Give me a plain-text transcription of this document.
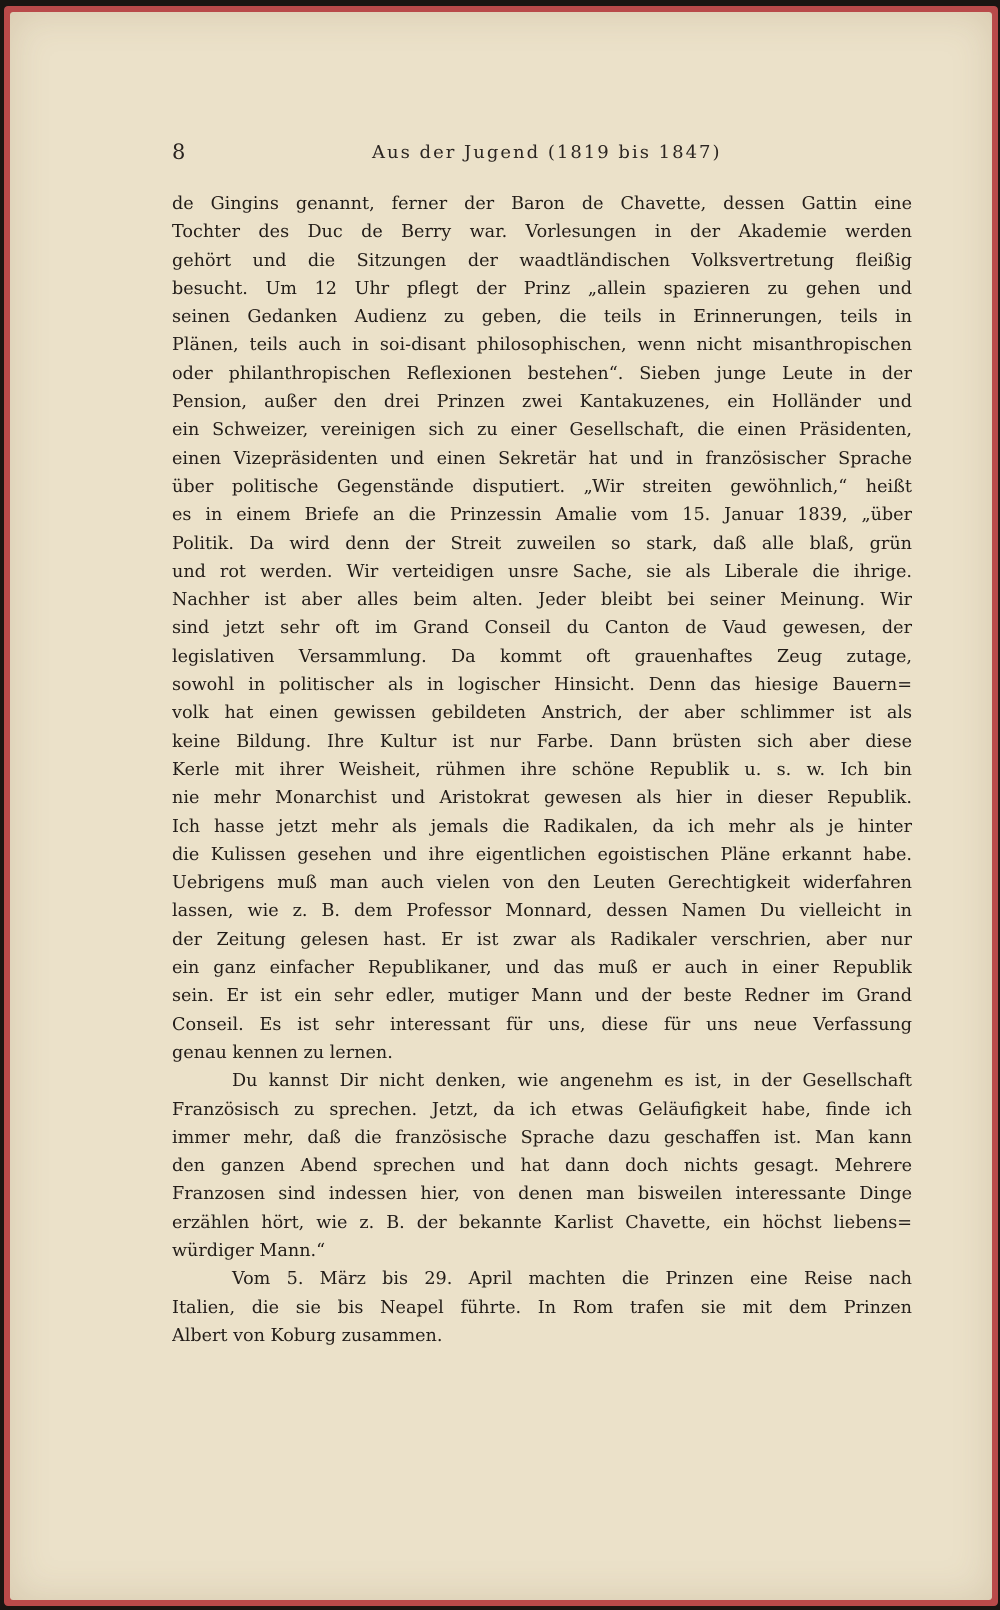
8	Aus der Jugend (1819 bis 1847)
de Gingins genannt, ferner der Baron de Chavette, dessen Gattin eine
Tochter des Duc de Berry war. Vorlesungen in der Akademie werden
gehört und die Sitzungen der waadtländischen Volksvertretung fleißig
besucht. Um 12 Uhr pflegt der Prinz „allein spazieren zu gehen und
seinen Gedanken Audienz zu geben, die teils in Erinnerungen, teils in
Plänen, teils auch in soi-disant philosophischen, wenn nicht misanthropischen
oder philanthropischen Reflexionen bestehen“. Sieben junge Leute in der
Pension, außer den drei Prinzen zwei Kantakuzenes, ein Holländer und
ein Schweizer, vereinigen sich zu einer Gesellschaft, die einen Präsidenten,
einen Vizepräsidenten und einen Sekretär hat und in französischer Sprache
über politische Gegenstände disputiert. „Wir streiten gewöhnlich,“ heißt
es in einem Briefe an die Prinzessin Amalie vom 15. Januar 1839, „über
Politik. Da wird denn der Streit zuweilen so stark, daß alle blaß, grün
und rot werden. Wir verteidigen unsre Sache, sie als Liberale die ihrige.
Nachher ist aber alles beim alten. Jeder bleibt bei seiner Meinung. Wir
sind jetzt sehr oft im Grand Conseil du Canton de Vaud gewesen, der
legislativen Versammlung. Da kommt oft grauenhaftes Zeug zutage,
sowohl in politischer als in logischer Hinsicht. Denn das hiesige Bauern=
volk hat einen gewissen gebildeten Anstrich, der aber schlimmer ist als
keine Bildung. Ihre Kultur ist nur Farbe. Dann brüsten sich aber diese
Kerle mit ihrer Weisheit, rühmen ihre schöne Republik u. s. w. Ich bin
nie mehr Monarchist und Aristokrat gewesen als hier in dieser Republik.
Ich hasse jetzt mehr als jemals die Radikalen, da ich mehr als je hinter
die Kulissen gesehen und ihre eigentlichen egoistischen Pläne erkannt habe.
Uebrigens muß man auch vielen von den Leuten Gerechtigkeit widerfahren
lassen, wie z. B. dem Professor Monnard, dessen Namen Du vielleicht in
der Zeitung gelesen hast. Er ist zwar als Radikaler verschrien, aber nur
ein ganz einfacher Republikaner, und das muß er auch in einer Republik
sein. Er ist ein sehr edler, mutiger Mann und der beste Redner im Grand
Conseil. Es ist sehr interessant für uns, diese für uns neue Verfassung
genau kennen zu lernen.
Du kannst Dir nicht denken, wie angenehm es ist, in der Gesellschaft
Französisch zu sprechen. Jetzt, da ich etwas Geläufigkeit habe, finde ich
immer mehr, daß die französische Sprache dazu geschaffen ist. Man kann
den ganzen Abend sprechen und hat dann doch nichts gesagt. Mehrere
Franzosen sind indessen hier, von denen man bisweilen interessante Dinge
erzählen hört, wie z. B. der bekannte Karlist Chavette, ein höchst liebens=
würdiger Mann.“
Vom 5. März bis 29. April machten die Prinzen eine Reise nach
Italien, die sie bis Neapel führte. In Rom trafen sie mit dem Prinzen
Albert von Koburg zusammen.
